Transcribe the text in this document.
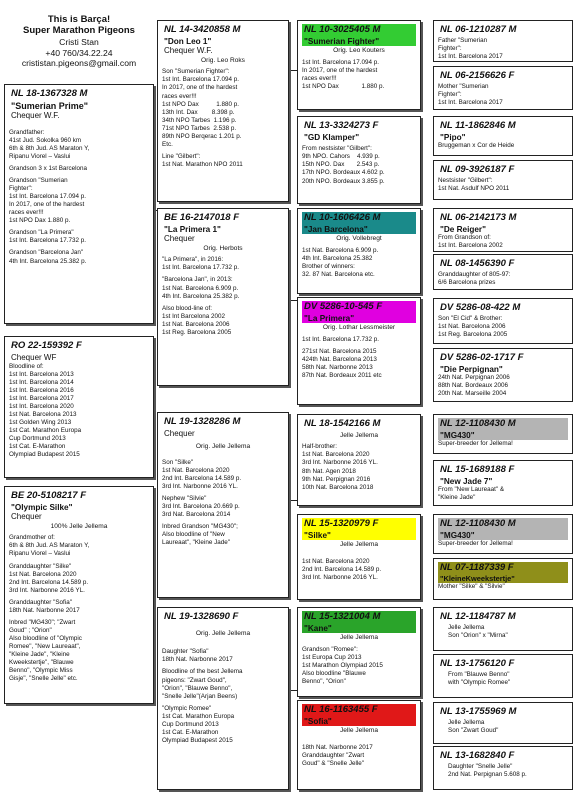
This is Barça!
Super Marathon Pigeons
Cristi Stan
+40 760/34.22.24
crististan.pigeons@gmail.com
NL 18-1367328 M
"Sumerian Prime"
Chequer W.F.
Grandfather:
41st Jud. Sokolka 960 km
6th & 8th Jud. AS Maraton Y,
Ripanu Viorel – Vaslui
Grandson 3 x 1st Barcelona
Grandson "Sumerian
Fighter":
1st Int. Barcelona 17.094 p.
In 2017, one of the hardest
races ever!!!
1st NPO Dax 1.880 p.
Grandson "La Primera"
1st Int. Barcelona 17.732 p.
Grandson "Barcelona Jan"
4th Int. Barcelona 25.382 p.
RO 22-159392 F
Chequer WF
Bloodline of:
1st Int. Barcelona 2013
1st Int. Barcelona 2014
1st Int. Barcelona 2016
1st Int. Barcelona 2017
1st Int. Barcelona 2020
1st Nat. Barcelona 2013
1st Golden Wing 2013
1st Cat. Marathon Europa
Cup Dortmund 2013
1st Cat. E-Marathon
Olympiad Budapest 2015
BE 20-5108217 F
"Olympic Silke"
Chequer
100% Jelle Jellema
Grandmother of:
6th & 8th Jud. AS Maraton Y,
Ripanu Viorel – Vaslui
Granddaughter "Silke"
1st Nat. Barcelona 2020
2nd Int. Barcelona 14.589 p.
3rd Int. Narbonne 2016 YL.
Granddaughter "Sofia"
18th Nat. Narbonne 2017
Inbred "MG430"; "Zwart
Goud" ; "Orion"
Also bloodline of "Olympic
Romee", "New Laureaat",
"Kleine Jade", "Kleine
Kweekstertje", "Blauwe
Benno", "Olympic Miss
Gisje", "Snelle Jelle" etc.
NL 14-3420858 M
"Don Leo 1"
Chequer W.F.
Orig. Leo Roks
Son "Sumerian Fighter":
1st Int. Barcelona 17.094 p.
In 2017, one of the hardest
races ever!!!
1st NPO Dax          1.880 p.
13th Int. Dax        8.398 p.
34th NPO Tarbes  1.196 p.
71st NPO Tarbes  2.538 p.
89th NPO Berqerac 1.201 p.
Etc.
Line "Gilbert":
1st Nat. Marathon NPO 2011
BE 16-2147018 F
"La Primera 1"
Chequer
Orig. Herbots
"La Primera", in 2016:
1st Int. Barcelona 17.732 p.
"Barcelona Jan", in 2013:
1st Nat. Barcelona 6.909 p.
4th Int. Barcelona 25.382 p.
Also blood-line of:
1st Int Barcelona 2002
1st Nat. Barcelona 2006
1st Reg. Barcelona 2005
NL 19-1328286 M
Chequer
Orig. Jelle Jellema
Son "Silke"
1st Nat. Barcelona 2020
2nd Int. Barcelona 14.589 p.
3rd Int. Narbonne 2016 YL.
Nephew "Silvie"
3rd Int. Barcelona 20.669 p.
3rd Nat. Barcelona 2014
Inbred Grandson "MG430";
Also bloodline of "New
Laureaat", "Kleine Jade"
NL 19-1328690 F
Orig. Jelle Jellema
Daughter "Sofia"
18th Nat. Narbonne 2017
Bloodline of the best Jellema
pigeons: "Zwart Goud",
"Orion", "Blauwe Benno",
"Snelle Jelle"(Arjan Beens)
"Olympic Romee"
1st Cat. Marathon Europa
Cup Dortmund 2013
1st Cat. E-Marathon
Olympiad Budapest 2015
NL 10-3025405 M
"Sumerian Fighter"
Orig. Leo Kouters
1st Int. Barcelona 17.094 p.
In 2017, one of the hardest
races ever!!!
1st NPO Dax             1.880 p.
NL 13-3324273 F
"GD Klamper"
From nestsister "Gilbert":
9th NPO. Cahors    4.939 p.
15th NPO. Dax       2.543 p.
17th NPO. Bordeaux 4.602 p.
20th NPO. Bordeaux 3.855 p.
NL 10-1606426 M
"Jan Barcelona"
Orig. Vollebregt
1st Nat. Barcelona 6.909 p.
4th Int. Barcelona 25.382
Brother of winners:
32. 87 Nat. Barcelona etc.
DV 5286-10-545 F
"La Primera"
Orig. Lothar Lessmeister
1st Int. Barcelona 17.732 p.
271st Nat. Barcelona 2015
424th Nat. Barcelona 2013
58th Nat. Narbonne 2013
87th Nat. Bordeaux 2011 etc
NL 18-1542166 M
Jelle Jellema
Half-brother:
1st Nat. Barcelona 2020
3rd Int. Narbonne 2016 YL.
8th Nat. Agen 2018
9th Nat. Perpignan 2016
10th Nat. Barcelona 2018
NL 15-1320979 F
"Silke"
Jelle Jellema
1st Nat. Barcelona 2020
2nd Int. Barcelona 14.589 p.
3rd Int. Narbonne 2016 YL.
NL 15-1321004 M
"Kane"
Jelle Jellema
Grandson "Romee":
1st Europa Cup 2013
1st Marathon Olympiad 2015
Also bloodline "Blauwe
Benno", "Orion"
NL 16-1163455 F
"Sofia"
Jelle Jellema
18th Nat. Narbonne 2017
Granddaughter "Zwart
Goud" & "Snelle Jelle"
NL 06-1210287 M
Father "Sumerian
Fighter":
1st Int. Barcelona 2017
NL 06-2156626 F
Mother "Sumerian
Fighter":
1st Int. Barcelona 2017
NL 11-1862846 M
"Pipo"
Bruggeman x Cor de Heide
NL 09-3926187 F
Nestsister "Gilbert":
1st Nat. Asdulf NPO 2011
NL 06-2142173 M
"De Reiger"
From Grandson of:
1st Int. Barcelona 2002
NL 08-1456390 F
Granddaughter of 805-97:
6/6 Barcelona prizes
DV 5286-08-422 M
Son "El Cid" & Brother:
1st Nat. Barcelona 2006
1st Reg. Barcelona 2005
DV 5286-02-1717 F
"Die Perpignan"
24th Nat. Perpignan 2006
88th Nat. Bordeaux 2006
20th Nat. Marseille 2004
NL 12-1108430 M
"MG430"
Super-breeder for Jellema!
NL 15-1689188 F
"New Jade 7"
From "New Laureaat" &
"Kleine Jade"
NL 12-1108430 M
"MG430"
Super-breeder for Jellema!
NL 07-1187339 F
"KleineKweekstertje"
Mother "Silke" & "Silvie"
NL 12-1184787 M
Jelle Jellema
Son "Orion" x "Mirna"
NL 13-1756120 F
From "Blauwe Benno"
with "Olympic Romee"
NL 13-1755969 M
Jelle Jellema
Son "Zwart Goud"
NL 13-1682840 F
Daughter "Snelle Jelle"
2nd Nat. Perpignan 5.608 p.
